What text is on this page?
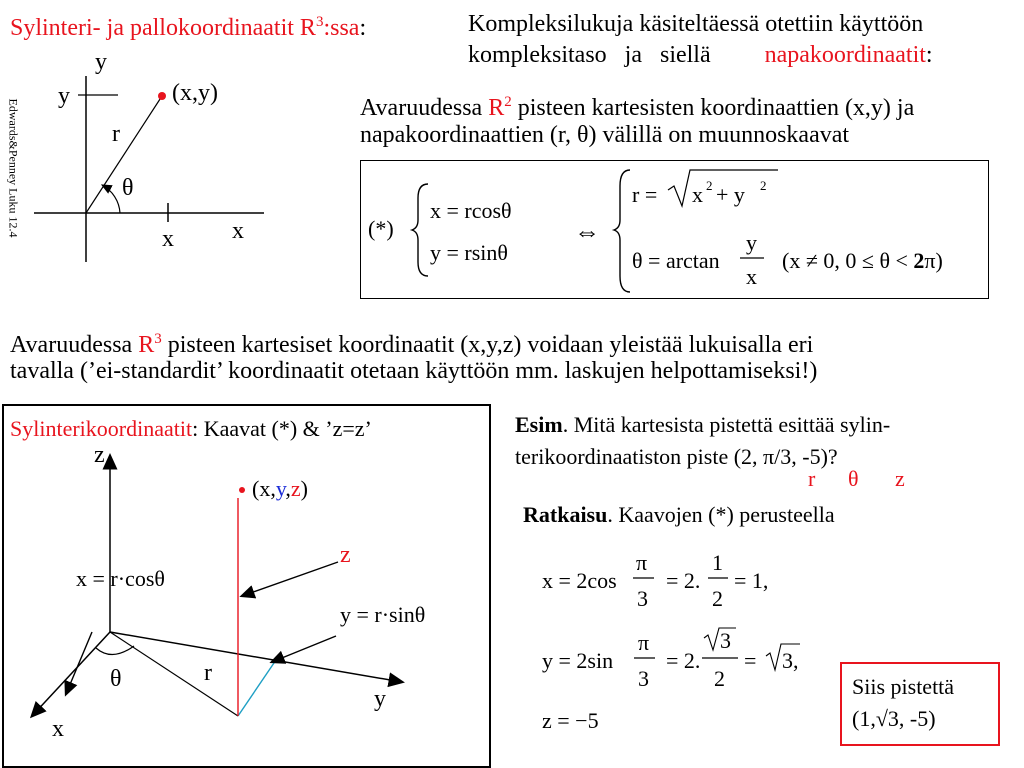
Sylinteri- ja pallokoordinaatit $R^3:ssa$:	Kompleksilukuja käsiteltäessä otettiin käyttöön
kompleksitaso   ja   siellä napakoordinaatit:
Edwards&Penney Luku 12.4
y
y	(x,y)
r
θ
x x
Avaruudessa $R^2$ pisteen kartesisten koordinaattien (x,y) ja
napakoordinaattien (r, θ) välillä on muunnoskaavat
(*)
x = rcosθ
y = rsinθ
⇔
r = x 2 + y 2
θ = arctan
y
x
(x ≠ 0, 0 ≤ θ < 2π)
Avaruudessa $R^3$ pisteen kartesiset koordinaatit (x,y,z) voidaan yleistää lukuisalla eri
tavalla (’ei-standardit’ koordinaatit otetaan käyttöön mm. laskujen helpottamiseksi!)
Sylinterikoordinaatit: Kaavat (*) & ’z=z’
z
y
x
(x,y,z)
z
x = r·cosθ
y = r·sinθ
θ	r
Esim. Mitä kartesista pistettä esittää sylin-
terikoordinaatiston piste (2, π/3, -5)?
r θ z
Ratkaisu. Kaavojen (*) perusteella
x = 2cos
π
3
= 2.
1
2
= 1,
y = 2sin
π
3
= 2.
3
2
= 3,
z = −5
Siis pistettä
(1,√3, -5)
